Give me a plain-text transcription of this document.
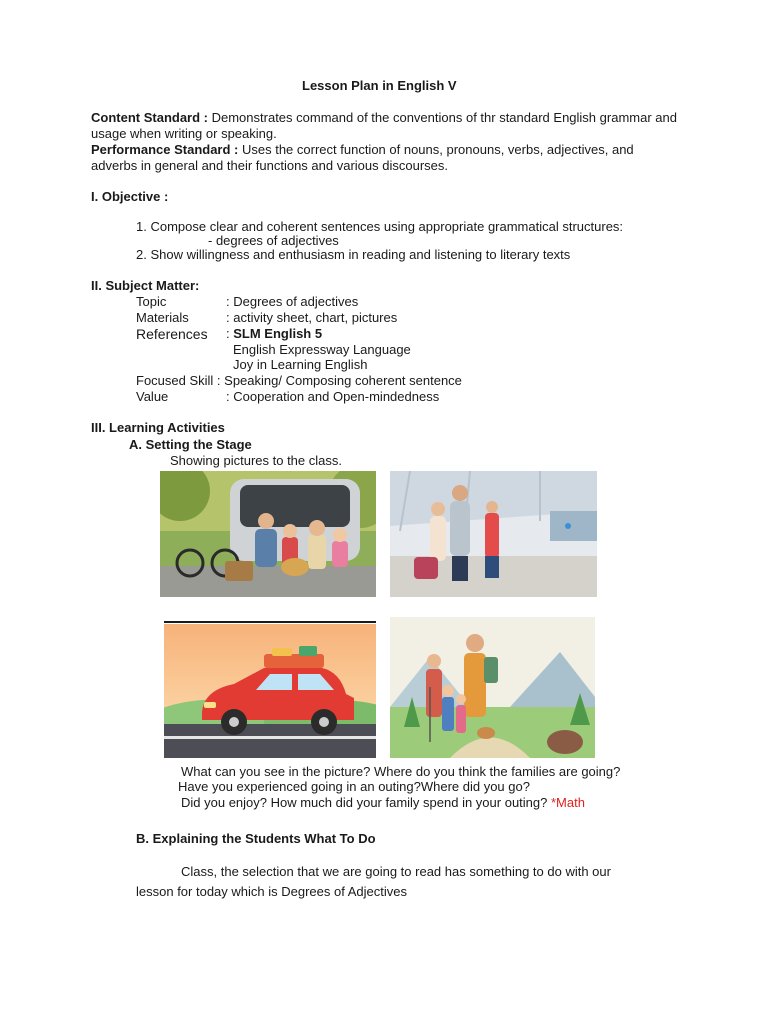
Lesson Plan in English V
Content Standard : Demonstrates command of the conventions of thr standard English grammar and usage when writing or speaking.
Performance Standard : Uses the correct function of nouns, pronouns, verbs, adjectives, and adverbs in general and their functions and various discourses.
I. Objective :
1. Compose clear and coherent sentences using appropriate grammatical structures:
- degrees of adjectives
2. Show willingness and enthusiasm in reading and listening to literary texts
II. Subject Matter:
Topic	: Degrees of adjectives
Materials	: activity sheet, chart, pictures
References : SLM English 5
English Expressway Language
Joy in Learning English
Focused Skill : Speaking/ Composing coherent sentence
Value	: Cooperation and Open-mindedness
III. Learning Activities
A. Setting the Stage
Showing pictures to the class.
What can you see in the picture? Where do you think the families are going?
Have you experienced going in an outing?Where did you go?
Did you enjoy? How much did your family spend in your outing? *Math
B. Explaining the Students What To Do
Class, the selection that we are going to read has something to do with our
lesson for today which is Degrees of Adjectives
